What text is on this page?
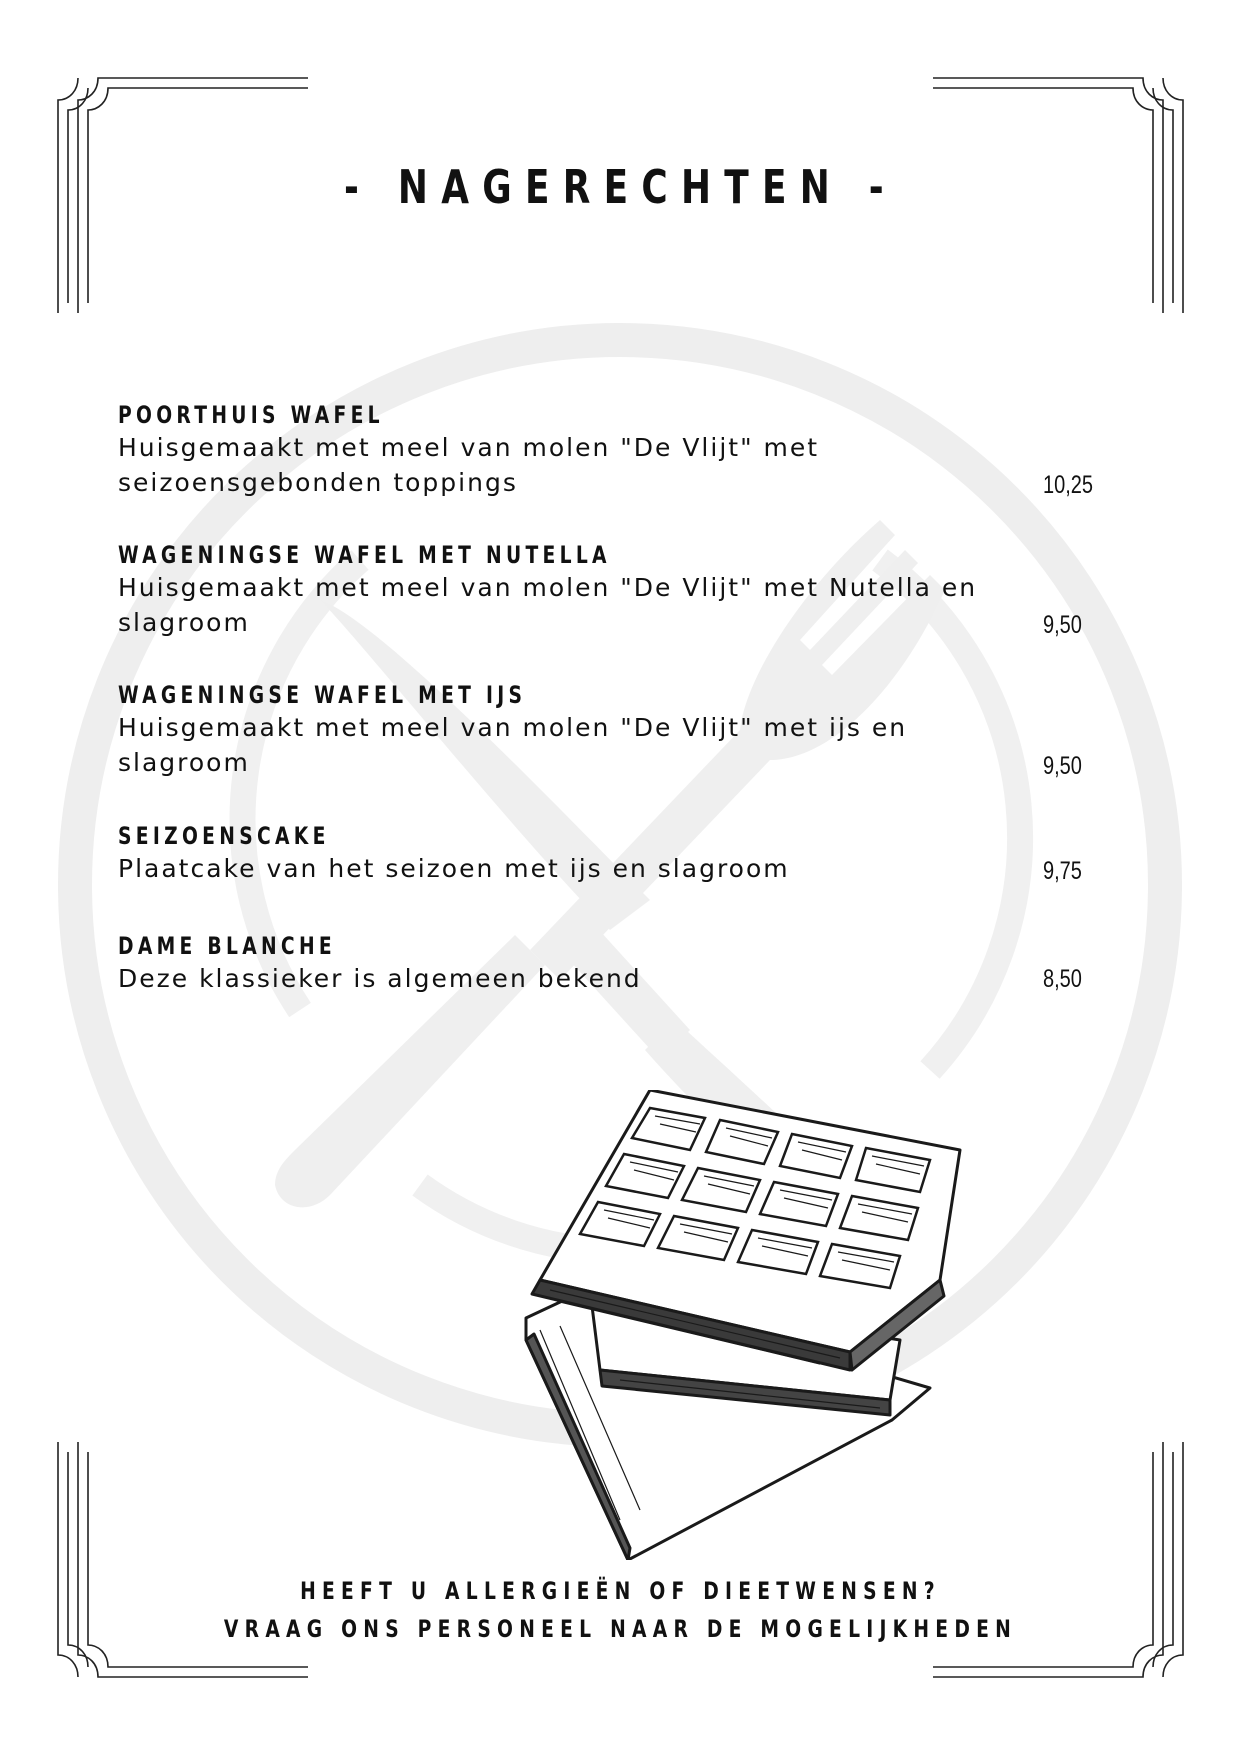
- NAGERECHTEN -
POORTHUIS WAFEL
Huisgemaakt met meel van molen "De Vlijt" met seizoensgebonden toppings	10,25
WAGENINGSE WAFEL MET NUTELLA
Huisgemaakt met meel van molen "De Vlijt" met Nutella en slagroom	9,50
WAGENINGSE WAFEL MET IJS
Huisgemaakt met meel van molen "De Vlijt" met ijs en slagroom	9,50
SEIZOENSCAKE
Plaatcake van het seizoen met ijs en slagroom	9,75
DAME BLANCHE
Deze klassieker is algemeen bekend	8,50
HEEFT U ALLERGIEËN OF DIEETWENSEN?
VRAAG ONS PERSONEEL NAAR DE MOGELIJKHEDEN
